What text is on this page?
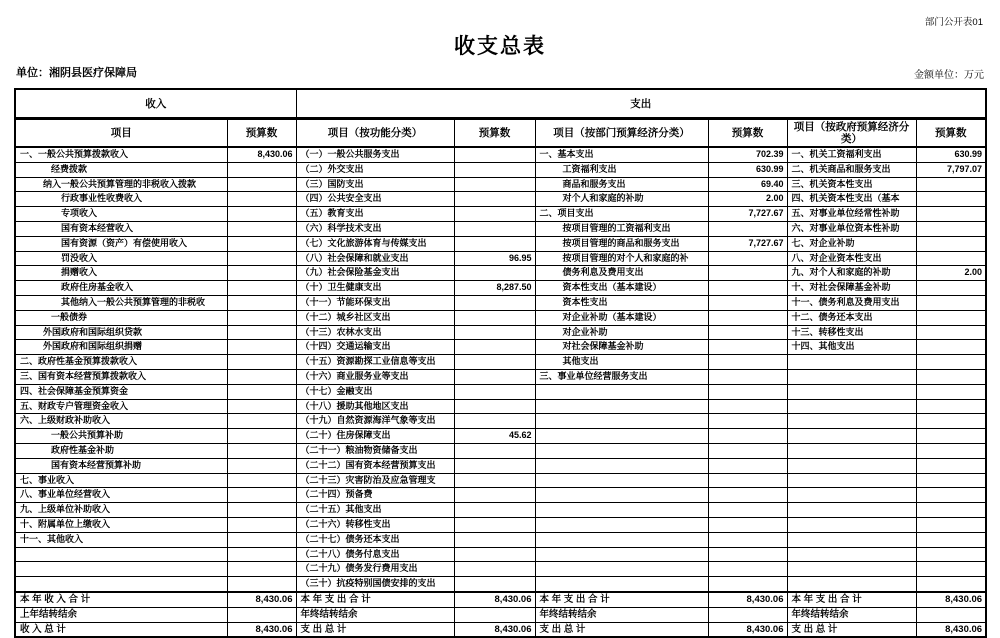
部门公开表01
收支总表
单位：湘阴县医疗保障局	金额单位：万元
收入		支出					
项目	预算数	项目（按功能分类）	预算数	项目（按部门预算经济分类）	预算数	项目（按政府预算经济分类）	预算数
一、一般公共预算拨款收入	8,430.06	（一）一般公共服务支出		一、基本支出	702.39	一、机关工资福利支出	630.99
经费拨款		（二）外交支出		工资福利支出	630.99	二、机关商品和服务支出	7,797.07
纳入一般公共预算管理的非税收入拨款		（三）国防支出		商品和服务支出	69.40	三、机关资本性支出	
行政事业性收费收入		（四）公共安全支出		对个人和家庭的补助	2.00	四、机关资本性支出（基本	
专项收入		（五）教育支出		二、项目支出	7,727.67	五、对事业单位经常性补助	
国有资本经营收入		（六）科学技术支出		按项目管理的工资福利支出		六、对事业单位资本性补助	
国有资源（资产）有偿使用收入		（七）文化旅游体育与传媒支出		按项目管理的商品和服务支出	7,727.67	七、对企业补助	
罚没收入		（八）社会保障和就业支出	96.95	按项目管理的对个人和家庭的补		八、对企业资本性支出	
捐赠收入		（九）社会保险基金支出		债务利息及费用支出		九、对个人和家庭的补助	2.00
政府住房基金收入		（十）卫生健康支出	8,287.50	资本性支出（基本建设）		十、对社会保障基金补助	
其他纳入一般公共预算管理的非税收		（十一）节能环保支出		资本性支出		十一、债务利息及费用支出	
一般债券		（十二）城乡社区支出		对企业补助（基本建设）		十二、债务还本支出	
外国政府和国际组织贷款		（十三）农林水支出		对企业补助		十三、转移性支出	
外国政府和国际组织捐赠		（十四）交通运输支出		对社会保障基金补助		十四、其他支出	
二、政府性基金预算拨款收入		（十五）资源勘探工业信息等支出		其他支出			
三、国有资本经营预算拨款收入		（十六）商业服务业等支出		三、事业单位经营服务支出			
四、社会保障基金预算资金		（十七）金融支出					
五、财政专户管理资金收入		（十八）援助其他地区支出					
六、上级财政补助收入		（十九）自然资源海洋气象等支出					
一般公共预算补助		（二十）住房保障支出	45.62				
政府性基金补助		（二十一）粮油物资储备支出					
国有资本经营预算补助		（二十二）国有资本经营预算支出					
七、事业收入		（二十三）灾害防治及应急管理支					
八、事业单位经营收入		（二十四）预备费					
九、上级单位补助收入		（二十五）其他支出					
十、附属单位上缴收入		（二十六）转移性支出					
十一、其他收入		（二十七）债务还本支出					
		（二十八）债务付息支出					
		（二十九）债务发行费用支出					
		（三十）抗疫特别国债安排的支出					
本 年 收 入 合 计	8,430.06	本 年 支 出 合 计	8,430.06	本 年 支 出 合 计	8,430.06	本 年 支 出 合 计	8,430.06
上年结转结余		年终结转结余		年终结转结余		年终结转结余	
收 入 总 计	8,430.06	支 出 总 计	8,430.06	支 出 总 计	8,430.06	支 出 总 计	8,430.06
